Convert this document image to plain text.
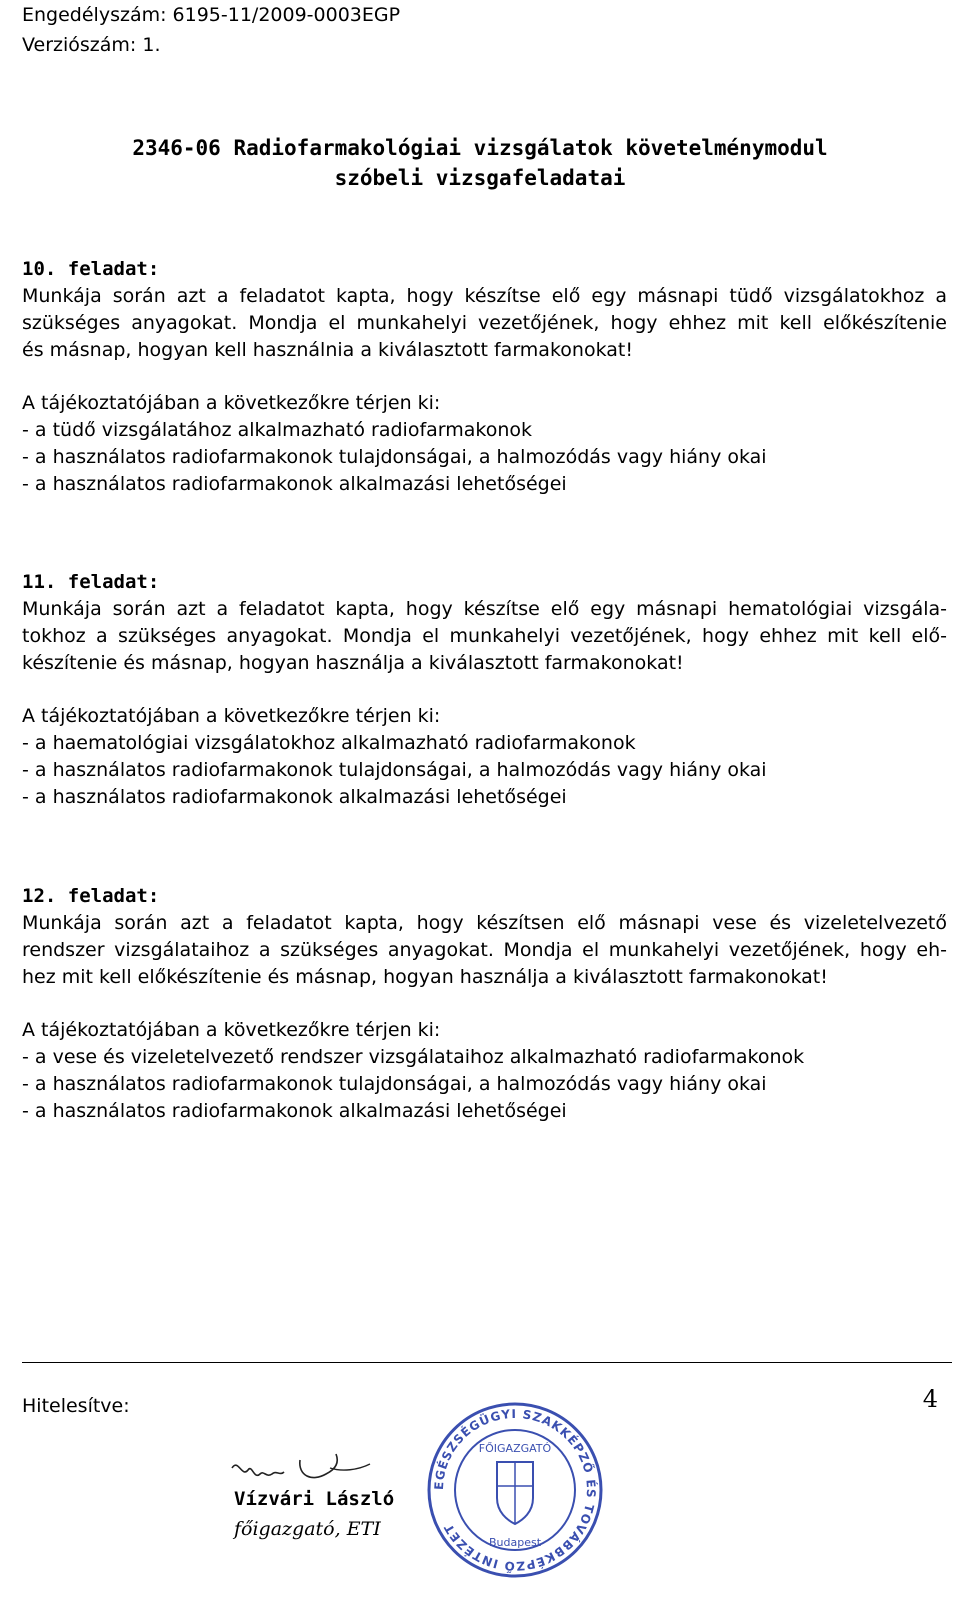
Engedélyszám: 6195-11/2009-0003EGP
Verziószám: 1.
2346-06 Radiofarmakológiai vizsgálatok követelménymodul
szóbeli vizsgafeladatai
10. feladat:
Munkája során azt a feladatot kapta, hogy készítse elő egy másnapi tüdő vizsgálatokhoz a
szükséges anyagokat. Mondja el munkahelyi vezetőjének, hogy ehhez mit kell előkészítenie
és másnap, hogyan kell használnia a kiválasztott farmakonokat!
A tájékoztatójában a következőkre térjen ki:
- a tüdő vizsgálatához alkalmazható radiofarmakonok
- a használatos radiofarmakonok tulajdonságai, a halmozódás vagy hiány okai
- a használatos radiofarmakonok alkalmazási lehetőségei
11. feladat:
Munkája során azt a feladatot kapta, hogy készítse elő egy másnapi hematológiai vizsgála-
tokhoz a szükséges anyagokat. Mondja el munkahelyi vezetőjének, hogy ehhez mit kell elő-
készítenie és másnap, hogyan használja a kiválasztott farmakonokat!
A tájékoztatójában a következőkre térjen ki:
- a haematológiai vizsgálatokhoz alkalmazható radiofarmakonok
- a használatos radiofarmakonok tulajdonságai, a halmozódás vagy hiány okai
- a használatos radiofarmakonok alkalmazási lehetőségei
12. feladat:
Munkája során azt a feladatot kapta, hogy készítsen elő másnapi vese és vizeletelvezető
rendszer vizsgálataihoz a szükséges anyagokat. Mondja el munkahelyi vezetőjének, hogy eh-
hez mit kell előkészítenie és másnap, hogyan használja a kiválasztott farmakonokat!
A tájékoztatójában a következőkre térjen ki:
- a vese és vizeletelvezető rendszer vizsgálataihoz alkalmazható radiofarmakonok
- a használatos radiofarmakonok tulajdonságai, a halmozódás vagy hiány okai
- a használatos radiofarmakonok alkalmazási lehetőségei
4
Hitelesítve:
Vízvári László
főigazgató, ETI
EGÉSZSÉGÜGYI SZAKKÉPZŐ ÉS TOVÁBBKÉPZŐ INTÉZET
FŐIGAZGATÓ
Budapest
